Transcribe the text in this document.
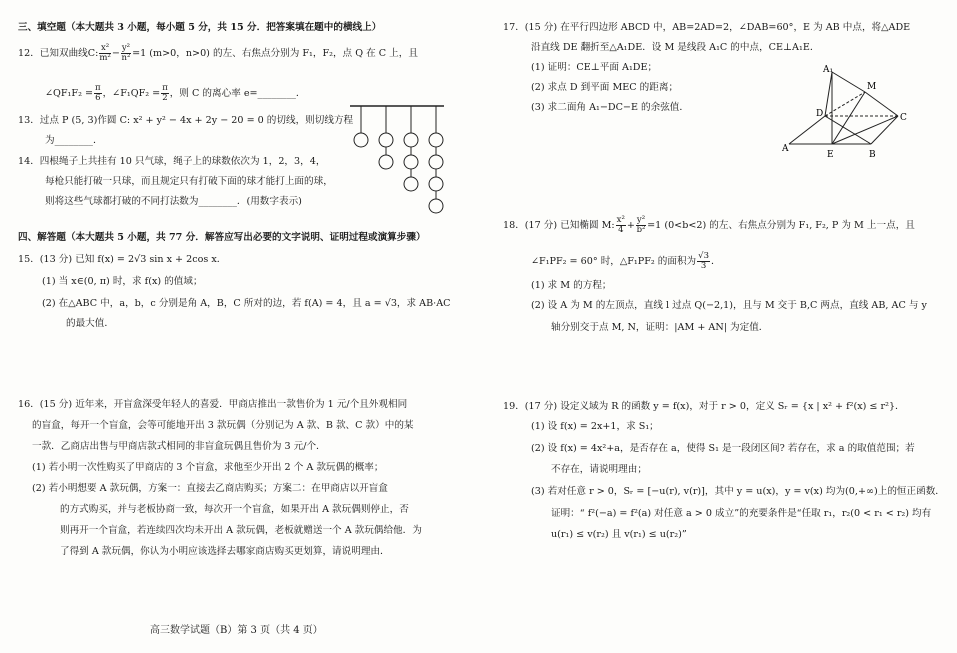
三、填空题（本大题共 3 小题，每小题 5 分，共 15 分．把答案填在题中的横线上）
12．已知双曲线C: $\frac{\text{x²}}{\text{m²}} - \frac{\text{y²}}{\text{n²}} =1$ (m>0，n>0) 的左、右焦点分别为 F₁，F₂，点 Q 在 C 上，且
∠QF₁F₂ = $\frac{\pi}{6}$ ，∠F₁QF₂ = $\frac{\pi}{2}$ ，则 C 的离心率 e=________．
13．过点 P (5, 3)作圆 C: x² + y² − 4x + 2y − 20 = 0 的切线，则切线方程
为________．
14．四根绳子上共挂有 10 只气球，绳子上的球数依次为 1，2，3，4，
每枪只能打破一只球，而且规定只有打破下面的球才能打上面的球，
则将这些气球都打破的不同打法数为________．(用数字表示)
四、解答题（本大题共 5 小题，共 77 分．解答应写出必要的文字说明、证明过程或演算步骤）
15．(13 分) 已知 f(x) = 2√3 sin x + 2cos x．
(1) 当 x∈(0, π) 时，求 f(x) 的值域；
(2) 在△ABC 中，a，b，c 分别是角 A，B，C 所对的边，若 f(A) = 4，且 a = √3，求 AB·AC
的最大值．
16．(15 分) 近年来，开盲盒深受年轻人的喜爱．甲商店推出一款售价为 1 元/个且外观相同
的盲盒，每开一个盲盒，会等可能地开出 3 款玩偶（分别记为 A 款、B 款、C 款）中的某
一款．乙商店出售与甲商店款式相同的非盲盒玩偶且售价为 3 元/个．
(1) 若小明一次性购买了甲商店的 3 个盲盒，求他至少开出 2 个 A 款玩偶的概率；
(2) 若小明想要 A 款玩偶，方案一：直接去乙商店购买；方案二：在甲商店以开盲盒
的方式购买，并与老板协商一致，每次开一个盲盒，如果开出 A 款玩偶则停止，否
则再开一个盲盒，若连续四次均未开出 A 款玩偶，老板就赠送一个 A 款玩偶给他．为
了得到 A 款玩偶，你认为小明应该选择去哪家商店购买更划算，请说明理由．
17．(15 分) 在平行四边形 ABCD 中，AB=2AD=2，∠DAB=60°，E 为 AB 中点，将△ADE
沿直线 DE 翻折至△A₁DE．设 M 是线段 A₁C 的中点，CE⊥A₁E．
(1) 证明：CE⊥平面 A₁DE；
(2) 求点 D 到平面 MEC 的距离；
(3) 求二面角 A₁−DC−E 的余弦值．
A₁
M
D	C
A
E	B
18．(17 分) 已知椭圆 M: $\frac{\text{x²}}{4} + \frac{\text{y²}}{\text{b²}} =1$ (0<b<2) 的左、右焦点分别为 F₁, F₂, P 为 M 上一点，且
∠F₁PF₂ = 60° 时，△F₁PF₂ 的面积为 $\frac{√3}{3}$ ．
(1) 求 M 的方程；
(2) 设 A 为 M 的左顶点，直线 l 过点 Q(−2,1)，且与 M 交于 B,C 两点，直线 AB, AC 与 y
轴分别交于点 M, N，证明：|AM + AN| 为定值．
19．(17 分) 设定义域为 R 的函数 y = f(x)，对于 r > 0，定义 Sᵣ = {x | x² + f²(x) ≤ r²}．
(1) 设 f(x) = 2x+1，求 S₁；
(2) 设 f(x) = 4x²+a，是否存在 a，使得 S₁ 是一段闭区间? 若存在，求 a 的取值范围；若
不存在，请说明理由；
(3) 若对任意 r > 0，Sᵣ = [−u(r), v(r)]，其中 y = u(x)，y = v(x) 均为(0,+∞)上的恒正函数．
证明：“ f²(−a) = f²(a) 对任意 a > 0 成立”的充要条件是“任取 r₁，r₂(0 < r₁ < r₂) 均有
u(r₁) ≤ v(r₂) 且 v(r₁) ≤ u(r₂)”
高三数学试题（B）第 3 页（共 4 页）
